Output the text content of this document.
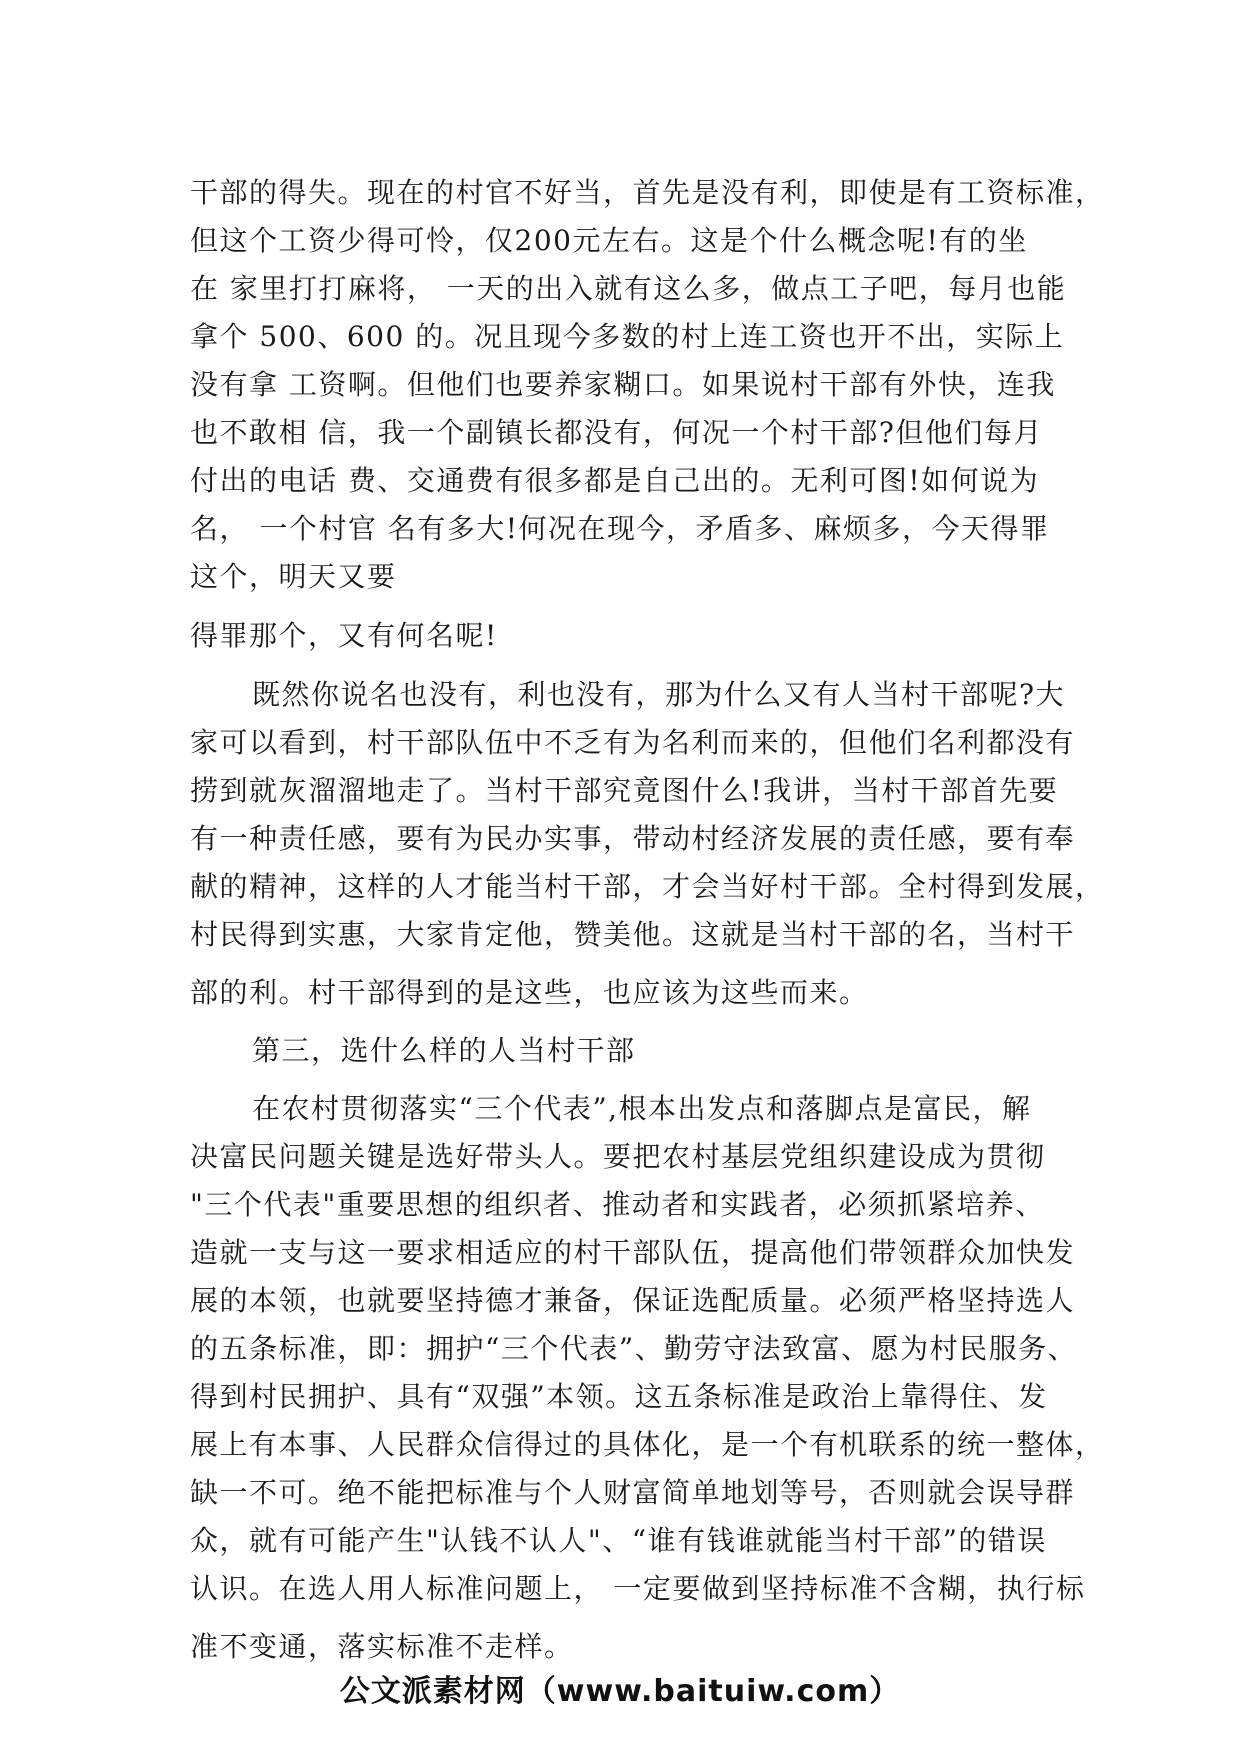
干部的得失。现在的村官不好当，首先是没有利，即使是有工资标准，

但这个工资少得可怜，仅200元左右。这是个什么概念呢!有的坐

在 家里打打麻将， 一天的出入就有这么多，做点工子吧，每月也能

拿个 500、600 的。况且现今多数的村上连工资也开不出，实际上

没有拿 工资啊。但他们也要养家糊口。如果说村干部有外快，连我

也不敢相 信，我一个副镇长都没有，何况一个村干部?但他们每月

付出的电话 费、交通费有很多都是自己出的。无利可图!如何说为

名， 一个村官 名有多大!何况在现今，矛盾多、麻烦多，今天得罪

这个，明天又要

得罪那个，又有何名呢!

既然你说名也没有，利也没有，那为什么又有人当村干部呢?大

家可以看到，村干部队伍中不乏有为名利而来的，但他们名利都没有

捞到就灰溜溜地走了。当村干部究竟图什么!我讲，当村干部首先要

有一种责任感，要有为民办实事，带动村经济发展的责任感，要有奉

献的精神，这样的人才能当村干部，才会当好村干部。全村得到发展，

村民得到实惠，大家肯定他，赞美他。这就是当村干部的名，当村干

部的利。村干部得到的是这些，也应该为这些而来。

第三，选什么样的人当村干部

在农村贯彻落实“三个代表”,根本出发点和落脚点是富民，解

决富民问题关键是选好带头人。要把农村基层党组织建设成为贯彻

"三个代表"重要思想的组织者、推动者和实践者，必须抓紧培养、

造就一支与这一要求相适应的村干部队伍，提高他们带领群众加快发

展的本领，也就要坚持德才兼备，保证选配质量。必须严格坚持选人

的五条标准，即：拥护“三个代表”、勤劳守法致富、愿为村民服务、

得到村民拥护、具有“双强”本领。这五条标准是政治上靠得住、发

展上有本事、人民群众信得过的具体化，是一个有机联系的统一整体，

缺一不可。绝不能把标准与个人财富简单地划等号，否则就会误导群

众，就有可能产生"认钱不认人"、“谁有钱谁就能当村干部”的错误

认识。在选人用人标准问题上， 一定要做到坚持标准不含糊，执行标

准不变通，落实标准不走样。

公文派素材网（www.baituiw.com）
